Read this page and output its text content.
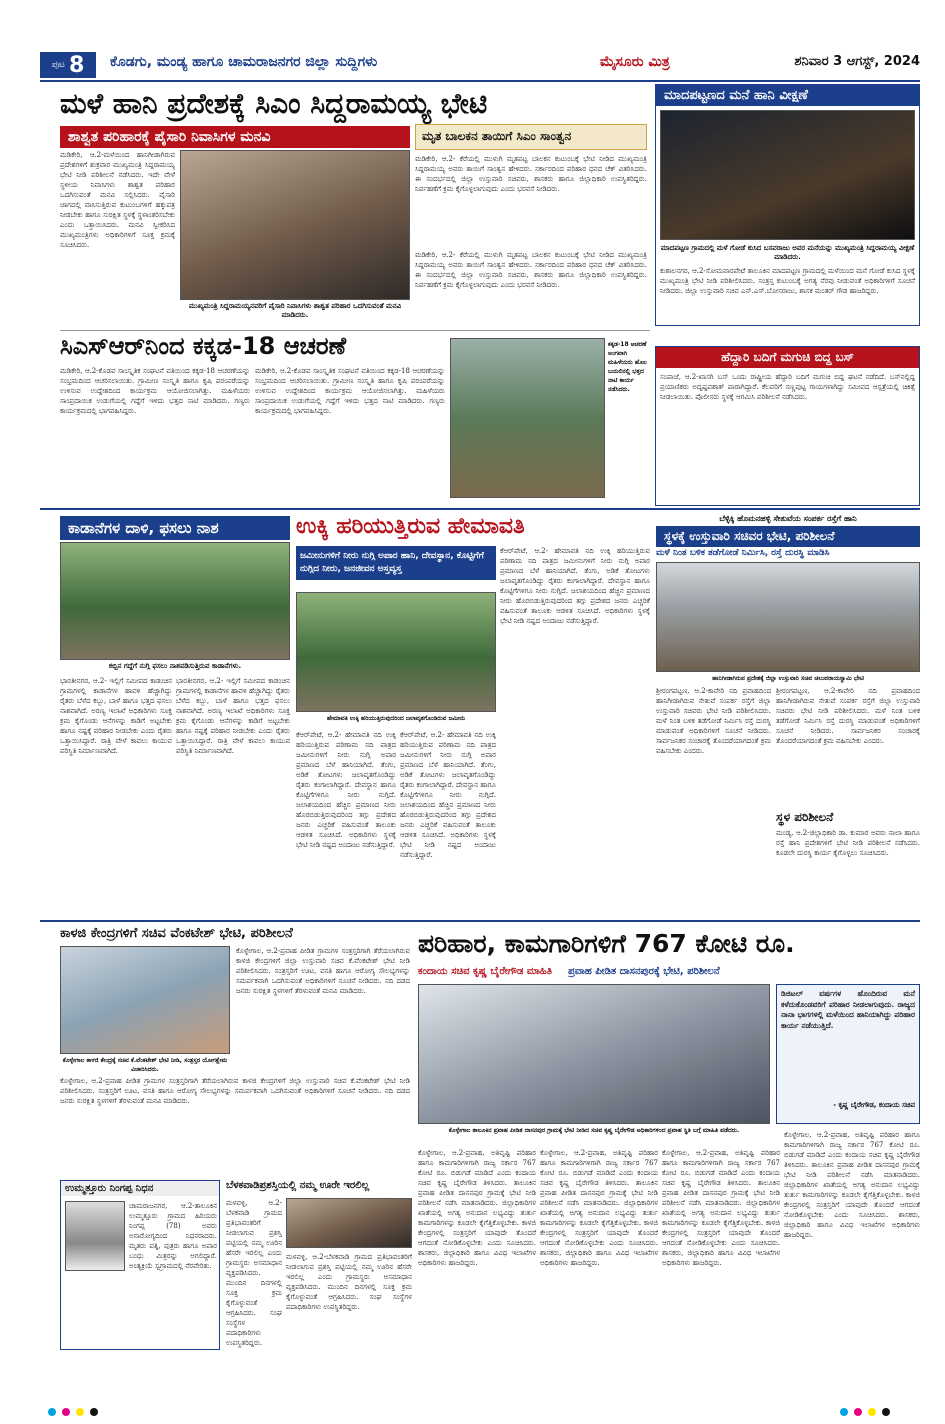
ಪುಟ 8 ಕೊಡಗು, ಮಂಡ್ಯ ಹಾಗೂ ಚಾಮರಾಜನಗರ ಜಿಲ್ಲಾ ಸುದ್ದಿಗಳು	ಮೈಸೂರು ಮಿತ್ರ	ಶನಿವಾರ 3 ಆಗಸ್ಟ್, 2024
ಮಳೆ ಹಾನಿ ಪ್ರದೇಶಕ್ಕೆ ಸಿಎಂ ಸಿದ್ದರಾಮಯ್ಯ ಭೇಟಿ
ಶಾಶ್ವತ ಪರಿಹಾರಕ್ಕೆ ಪೈಸಾರಿ ನಿವಾಸಿಗಳ ಮನವಿ
ಮಡಿಕೇರಿ, ಆ.2-ಮಳೆಯಿಂದ ಹಾನಿಗೀಡಾಗಿರುವ ಪ್ರದೇಶಗಳಿಗೆ ಶುಕ್ರವಾರ ಮುಖ್ಯಮಂತ್ರಿ ಸಿದ್ದರಾಮಯ್ಯ ಭೇಟಿ ನೀಡಿ ಪರಿಶೀಲನೆ ನಡೆಸಿದರು. ಇದೇ ವೇಳೆ ಸ್ಥಳೀಯ ನಿವಾಸಿಗಳು ಶಾಶ್ವತ ಪರಿಹಾರ ಒದಗಿಸುವಂತೆ ಮನವಿ ಸಲ್ಲಿಸಿದರು. ಪೈಸಾರಿ ಜಾಗದಲ್ಲಿ ವಾಸಿಸುತ್ತಿರುವ ಕುಟುಂಬಗಳಿಗೆ ಹಕ್ಕುಪತ್ರ ನೀಡಬೇಕು ಹಾಗೂ ಸುರಕ್ಷಿತ ಸ್ಥಳಕ್ಕೆ ಸ್ಥಳಾಂತರಿಸಬೇಕು ಎಂದು ಒತ್ತಾಯಿಸಿದರು. ಮನವಿ ಸ್ವೀಕರಿಸಿದ ಮುಖ್ಯಮಂತ್ರಿಗಳು ಅಧಿಕಾರಿಗಳಿಗೆ ಸೂಕ್ತ ಕ್ರಮಕ್ಕೆ ಸೂಚಿಸಿದರು.
ಮುಖ್ಯಮಂತ್ರಿ ಸಿದ್ದರಾಮಯ್ಯನವರಿಗೆ ಪೈಸಾರಿ ನಿವಾಸಿಗಳು ಶಾಶ್ವತ ಪರಿಹಾರ ಒದಗಿಸುವಂತೆ ಮನವಿ ಮಾಡಿದರು.
ಮೃತ ಬಾಲಕನ ತಾಯಿಗೆ ಸಿಎಂ ಸಾಂತ್ವನ
ಮಡಿಕೇರಿ, ಆ.2- ಕೆರೆಯಲ್ಲಿ ಮುಳುಗಿ ಮೃತಪಟ್ಟ ಬಾಲಕನ ಕುಟುಂಬಕ್ಕೆ ಭೇಟಿ ನೀಡಿದ ಮುಖ್ಯಮಂತ್ರಿ ಸಿದ್ದರಾಮಯ್ಯ ಅವರು ತಾಯಿಗೆ ಸಾಂತ್ವನ ಹೇಳಿದರು. ಸರ್ಕಾರದಿಂದ ಪರಿಹಾರ ಧನದ ಚೆಕ್ ವಿತರಿಸಿದರು. ಈ ಸಂದರ್ಭದಲ್ಲಿ ಜಿಲ್ಲಾ ಉಸ್ತುವಾರಿ ಸಚಿವರು, ಶಾಸಕರು ಹಾಗೂ ಜಿಲ್ಲಾಧಿಕಾರಿ ಉಪಸ್ಥಿತರಿದ್ದರು. ನಿರ್ವಹಣೆಗೆ ಕ್ರಮ ಕೈಗೊಳ್ಳಲಾಗುವುದು ಎಂದು ಭರವಸೆ ನೀಡಿದರು.
ಮಡಿಕೇರಿ, ಆ.2- ಕೆರೆಯಲ್ಲಿ ಮುಳುಗಿ ಮೃತಪಟ್ಟ ಬಾಲಕನ ಕುಟುಂಬಕ್ಕೆ ಭೇಟಿ ನೀಡಿದ ಮುಖ್ಯಮಂತ್ರಿ ಸಿದ್ದರಾಮಯ್ಯ ಅವರು ತಾಯಿಗೆ ಸಾಂತ್ವನ ಹೇಳಿದರು. ಸರ್ಕಾರದಿಂದ ಪರಿಹಾರ ಧನದ ಚೆಕ್ ವಿತರಿಸಿದರು. ಈ ಸಂದರ್ಭದಲ್ಲಿ ಜಿಲ್ಲಾ ಉಸ್ತುವಾರಿ ಸಚಿವರು, ಶಾಸಕರು ಹಾಗೂ ಜಿಲ್ಲಾಧಿಕಾರಿ ಉಪಸ್ಥಿತರಿದ್ದರು. ನಿರ್ವಹಣೆಗೆ ಕ್ರಮ ಕೈಗೊಳ್ಳಲಾಗುವುದು ಎಂದು ಭರವಸೆ ನೀಡಿದರು.
ಮಾದಪಟ್ಟಣದ ಮನೆ ಹಾನಿ ವೀಕ್ಷಣೆ
ಮಾದಪಟ್ಟಣ ಗ್ರಾಮದಲ್ಲಿ ಮಳೆ ಗೋಡೆ ಕುಸಿದ ಬಸವರಾಜು ಅವರ ಮನೆಯನ್ನು ಮುಖ್ಯಮಂತ್ರಿ ಸಿದ್ದರಾಮಯ್ಯ ವೀಕ್ಷಣೆ ಮಾಡಿದರು.
ಕುಶಾಲನಗರ, ಆ.2-ಸೋಮವಾರಪೇಟೆ ತಾಲೂಕಿನ ಮಾದಪಟ್ಟಣ ಗ್ರಾಮದಲ್ಲಿ ಮಳೆಯಿಂದ ಮನೆ ಗೋಡೆ ಕುಸಿದ ಸ್ಥಳಕ್ಕೆ ಮುಖ್ಯಮಂತ್ರಿ ಭೇಟಿ ನೀಡಿ ಪರಿಶೀಲಿಸಿದರು. ಸಂತ್ರಸ್ತ ಕುಟುಂಬಕ್ಕೆ ಅಗತ್ಯ ನೆರವು ನೀಡುವಂತೆ ಅಧಿಕಾರಿಗಳಿಗೆ ಸೂಚನೆ ನೀಡಿದರು. ಜಿಲ್ಲಾ ಉಸ್ತುವಾರಿ ಸಚಿವ ಎನ್.ಎಸ್.ಬೋಸರಾಜು, ಶಾಸಕ ಮಂತರ್ ಗೌಡ ಹಾಜರಿದ್ದರು.
ಹೆದ್ದಾರಿ ಬದಿಗೆ ಮಗುಚಿ ಬಿದ್ದ ಬಸ್
ಸಂಪಾಜೆ, ಆ.2-ಖಾಸಗಿ ಬಸ್ ಒಂದು ರಾಷ್ಟ್ರೀಯ ಹೆದ್ದಾರಿ ಬದಿಗೆ ಮಗುಚಿ ಬಿದ್ದ ಘಟನೆ ನಡೆದಿದೆ. ಬಸ್‌ನಲ್ಲಿದ್ದ ಪ್ರಯಾಣಿಕರು ಅದೃಷ್ಟವಶಾತ್ ಪಾರಾಗಿದ್ದಾರೆ. ಕೆಲವರಿಗೆ ಸಣ್ಣಪುಟ್ಟ ಗಾಯಗಳಾಗಿದ್ದು ಸಮೀಪದ ಆಸ್ಪತ್ರೆಯಲ್ಲಿ ಚಿಕಿತ್ಸೆ ನೀಡಲಾಯಿತು. ಪೊಲೀಸರು ಸ್ಥಳಕ್ಕೆ ಆಗಮಿಸಿ ಪರಿಶೀಲನೆ ನಡೆಸಿದರು.
ಸಿಎಸ್‌ಆರ್‌ನಿಂದ ಕಕ್ಕಡ-18 ಆಚರಣೆ
ಮಡಿಕೇರಿ, ಆ.2-ಕೊಡವ ಸಾಂಸ್ಕೃತಿಕ ಸಂಘಟನೆ ವತಿಯಿಂದ ಕಕ್ಕಡ-18 ಆಚರಣೆಯನ್ನು ಸಂಭ್ರಮದಿಂದ ಆಚರಿಸಲಾಯಿತು. ಗ್ರಾಮೀಣ ಸಂಸ್ಕೃತಿ ಹಾಗೂ ಕೃಷಿ ಪರಂಪರೆಯನ್ನು ಉಳಿಸುವ ಉದ್ದೇಶದಿಂದ ಕಾರ್ಯಕ್ರಮ ಆಯೋಜಿಸಲಾಗಿತ್ತು. ಮಹಿಳೆಯರು ಸಾಂಪ್ರದಾಯಿಕ ಉಡುಗೆಯಲ್ಲಿ ಗದ್ದೆಗೆ ಇಳಿದು ಭತ್ತದ ನಾಟಿ ಮಾಡಿದರು. ಗಣ್ಯರು ಕಾರ್ಯಕ್ರಮದಲ್ಲಿ ಭಾಗವಹಿಸಿದ್ದರು.
ಮಡಿಕೇರಿ, ಆ.2-ಕೊಡವ ಸಾಂಸ್ಕೃತಿಕ ಸಂಘಟನೆ ವತಿಯಿಂದ ಕಕ್ಕಡ-18 ಆಚರಣೆಯನ್ನು ಸಂಭ್ರಮದಿಂದ ಆಚರಿಸಲಾಯಿತು. ಗ್ರಾಮೀಣ ಸಂಸ್ಕೃತಿ ಹಾಗೂ ಕೃಷಿ ಪರಂಪರೆಯನ್ನು ಉಳಿಸುವ ಉದ್ದೇಶದಿಂದ ಕಾರ್ಯಕ್ರಮ ಆಯೋಜಿಸಲಾಗಿತ್ತು. ಮಹಿಳೆಯರು ಸಾಂಪ್ರದಾಯಿಕ ಉಡುಗೆಯಲ್ಲಿ ಗದ್ದೆಗೆ ಇಳಿದು ಭತ್ತದ ನಾಟಿ ಮಾಡಿದರು. ಗಣ್ಯರು ಕಾರ್ಯಕ್ರಮದಲ್ಲಿ ಭಾಗವಹಿಸಿದ್ದರು.
ಕಕ್ಕಡ-18 ಆಚರಣೆ ಅಂಗವಾಗಿ ಮಹಿಳೆಯರು ಹೊಲ ಬಯಲಿನಲ್ಲಿ ಭತ್ತದ ನಾಟಿ ಕಾರ್ಯ ನಡೆಸಿದರು.
ಕಾಡಾನೆಗಳ ದಾಳಿ, ಫಸಲು ನಾಶ
ಕಬ್ಬಿನ ಗದ್ದೆಗೆ ನುಗ್ಗಿ ಫಸಲು ನಾಶಪಡಿಸುತ್ತಿರುವ ಕಾಡಾನೆಗಳು.
ಭಾರತೀನಗರ, ಆ.2- ಇಲ್ಲಿಗೆ ಸಮೀಪದ ಕಾಡಂಚಿನ ಗ್ರಾಮಗಳಲ್ಲಿ ಕಾಡಾನೆಗಳ ಹಾವಳಿ ಹೆಚ್ಚಾಗಿದ್ದು ರೈತರು ಬೆಳೆದ ಕಬ್ಬು, ಬಾಳೆ ಹಾಗೂ ಭತ್ತದ ಫಸಲು ನಾಶವಾಗಿದೆ. ಅರಣ್ಯ ಇಲಾಖೆ ಅಧಿಕಾರಿಗಳು ಸೂಕ್ತ ಕ್ರಮ ಕೈಗೊಂಡು ಆನೆಗಳನ್ನು ಕಾಡಿಗೆ ಅಟ್ಟಬೇಕು ಹಾಗೂ ನಷ್ಟಕ್ಕೆ ಪರಿಹಾರ ನೀಡಬೇಕು ಎಂದು ರೈತರು ಒತ್ತಾಯಿಸಿದ್ದಾರೆ. ರಾತ್ರಿ ವೇಳೆ ಕಾವಲು ಕಾಯುವ ಪರಿಸ್ಥಿತಿ ನಿರ್ಮಾಣವಾಗಿದೆ.
ಭಾರತೀನಗರ, ಆ.2- ಇಲ್ಲಿಗೆ ಸಮೀಪದ ಕಾಡಂಚಿನ ಗ್ರಾಮಗಳಲ್ಲಿ ಕಾಡಾನೆಗಳ ಹಾವಳಿ ಹೆಚ್ಚಾಗಿದ್ದು ರೈತರು ಬೆಳೆದ ಕಬ್ಬು, ಬಾಳೆ ಹಾಗೂ ಭತ್ತದ ಫಸಲು ನಾಶವಾಗಿದೆ. ಅರಣ್ಯ ಇಲಾಖೆ ಅಧಿಕಾರಿಗಳು ಸೂಕ್ತ ಕ್ರಮ ಕೈಗೊಂಡು ಆನೆಗಳನ್ನು ಕಾಡಿಗೆ ಅಟ್ಟಬೇಕು ಹಾಗೂ ನಷ್ಟಕ್ಕೆ ಪರಿಹಾರ ನೀಡಬೇಕು ಎಂದು ರೈತರು ಒತ್ತಾಯಿಸಿದ್ದಾರೆ. ರಾತ್ರಿ ವೇಳೆ ಕಾವಲು ಕಾಯುವ ಪರಿಸ್ಥಿತಿ ನಿರ್ಮಾಣವಾಗಿದೆ.
ಉಕ್ಕಿ ಹರಿಯುತ್ತಿರುವ ಹೇಮಾವತಿ
ಜಮೀನುಗಳಿಗೆ ನೀರು ನುಗ್ಗಿ ಅಪಾರ ಹಾನಿ, ದೇವಸ್ಥಾನ, ಕೊಟ್ಟಿಗೆಗೆ ನುಗ್ಗಿದ ನೀರು, ಜನಜೀವನ ಅಸ್ತವ್ಯಸ್ತ
ಹೇಮಾವತಿ ಉಕ್ಕಿ ಹರಿಯುತ್ತಿರುವುದರಿಂದ ಜಲಾವೃತಗೊಂಡಿರುವ ಜಮೀನು
ಕೆಆರ್‌ಪೇಟೆ, ಆ.2- ಹೇಮಾವತಿ ನದಿ ಉಕ್ಕಿ ಹರಿಯುತ್ತಿರುವ ಪರಿಣಾಮ ನದಿ ಪಾತ್ರದ ಜಮೀನುಗಳಿಗೆ ನೀರು ನುಗ್ಗಿ ಅಪಾರ ಪ್ರಮಾಣದ ಬೆಳೆ ಹಾನಿಯಾಗಿದೆ. ತೆಂಗು, ಅಡಿಕೆ ತೋಟಗಳು ಜಲಾವೃತಗೊಂಡಿದ್ದು ರೈತರು ಕಂಗಾಲಾಗಿದ್ದಾರೆ. ದೇವಸ್ಥಾನ ಹಾಗೂ ಕೊಟ್ಟಿಗೆಗಳಿಗೂ ನೀರು ನುಗ್ಗಿದೆ. ಜಲಾಶಯದಿಂದ ಹೆಚ್ಚಿನ ಪ್ರಮಾಣದ ನೀರು ಹೊರಬಿಡುತ್ತಿರುವುದರಿಂದ ತಗ್ಗು ಪ್ರದೇಶದ ಜನರು ಎಚ್ಚರಿಕೆ ವಹಿಸುವಂತೆ ತಾಲೂಕು ಆಡಳಿತ ಸೂಚಿಸಿದೆ. ಅಧಿಕಾರಿಗಳು ಸ್ಥಳಕ್ಕೆ ಭೇಟಿ ನೀಡಿ ನಷ್ಟದ ಅಂದಾಜು ನಡೆಸುತ್ತಿದ್ದಾರೆ.
ಕೆಆರ್‌ಪೇಟೆ, ಆ.2- ಹೇಮಾವತಿ ನದಿ ಉಕ್ಕಿ ಹರಿಯುತ್ತಿರುವ ಪರಿಣಾಮ ನದಿ ಪಾತ್ರದ ಜಮೀನುಗಳಿಗೆ ನೀರು ನುಗ್ಗಿ ಅಪಾರ ಪ್ರಮಾಣದ ಬೆಳೆ ಹಾನಿಯಾಗಿದೆ. ತೆಂಗು, ಅಡಿಕೆ ತೋಟಗಳು ಜಲಾವೃತಗೊಂಡಿದ್ದು ರೈತರು ಕಂಗಾಲಾಗಿದ್ದಾರೆ. ದೇವಸ್ಥಾನ ಹಾಗೂ ಕೊಟ್ಟಿಗೆಗಳಿಗೂ ನೀರು ನುಗ್ಗಿದೆ. ಜಲಾಶಯದಿಂದ ಹೆಚ್ಚಿನ ಪ್ರಮಾಣದ ನೀರು ಹೊರಬಿಡುತ್ತಿರುವುದರಿಂದ ತಗ್ಗು ಪ್ರದೇಶದ ಜನರು ಎಚ್ಚರಿಕೆ ವಹಿಸುವಂತೆ ತಾಲೂಕು ಆಡಳಿತ ಸೂಚಿಸಿದೆ. ಅಧಿಕಾರಿಗಳು ಸ್ಥಳಕ್ಕೆ ಭೇಟಿ ನೀಡಿ ನಷ್ಟದ ಅಂದಾಜು ನಡೆಸುತ್ತಿದ್ದಾರೆ.
ಕೆಆರ್‌ಪೇಟೆ, ಆ.2- ಹೇಮಾವತಿ ನದಿ ಉಕ್ಕಿ ಹರಿಯುತ್ತಿರುವ ಪರಿಣಾಮ ನದಿ ಪಾತ್ರದ ಜಮೀನುಗಳಿಗೆ ನೀರು ನುಗ್ಗಿ ಅಪಾರ ಪ್ರಮಾಣದ ಬೆಳೆ ಹಾನಿಯಾಗಿದೆ. ತೆಂಗು, ಅಡಿಕೆ ತೋಟಗಳು ಜಲಾವೃತಗೊಂಡಿದ್ದು ರೈತರು ಕಂಗಾಲಾಗಿದ್ದಾರೆ. ದೇವಸ್ಥಾನ ಹಾಗೂ ಕೊಟ್ಟಿಗೆಗಳಿಗೂ ನೀರು ನುಗ್ಗಿದೆ. ಜಲಾಶಯದಿಂದ ಹೆಚ್ಚಿನ ಪ್ರಮಾಣದ ನೀರು ಹೊರಬಿಡುತ್ತಿರುವುದರಿಂದ ತಗ್ಗು ಪ್ರದೇಶದ ಜನರು ಎಚ್ಚರಿಕೆ ವಹಿಸುವಂತೆ ತಾಲೂಕು ಆಡಳಿತ ಸೂಚಿಸಿದೆ. ಅಧಿಕಾರಿಗಳು ಸ್ಥಳಕ್ಕೆ ಭೇಟಿ ನೀಡಿ ನಷ್ಟದ ಅಂದಾಜು ನಡೆಸುತ್ತಿದ್ದಾರೆ.
ಬೆಳ್ಳಿಕ್ಕಿ ಹೊಮನಹಳ್ಳಿ ಸೇತುವೆಯ ಸಂಪರ್ಕ ರಸ್ತೆಗೆ ಹಾನಿ
ಸ್ಥಳಕ್ಕೆ ಉಸ್ತುವಾರಿ ಸಚಿವರ ಭೇಟಿ, ಪರಿಶೀಲನೆ
ಮಳೆ ನಿಂತ ಬಳಿಕ ತಡೆಗೋಡೆ ನಿರ್ಮಿಸಿ, ರಸ್ತೆ ದುರಸ್ಥಿ ಮಾಡಿಸಿ
ಹಾನಿಗೀಡಾಗಿರುವ ಪ್ರದೇಶಕ್ಕೆ ಜಿಲ್ಲಾ ಉಸ್ತುವಾರಿ ಸಚಿವ ಚಲುವರಾಯಸ್ವಾಮಿ ಭೇಟಿ
ಶ್ರೀರಂಗಪಟ್ಟಣ, ಆ.2-ಕಾವೇರಿ ನದಿ ಪ್ರವಾಹದಿಂದ ಹಾನಿಗೀಡಾಗಿರುವ ಸೇತುವೆ ಸಂಪರ್ಕ ರಸ್ತೆಗೆ ಜಿಲ್ಲಾ ಉಸ್ತುವಾರಿ ಸಚಿವರು ಭೇಟಿ ನೀಡಿ ಪರಿಶೀಲಿಸಿದರು. ಮಳೆ ನಿಂತ ಬಳಿಕ ತಡೆಗೋಡೆ ನಿರ್ಮಿಸಿ ರಸ್ತೆ ದುರಸ್ಥಿ ಮಾಡುವಂತೆ ಅಧಿಕಾರಿಗಳಿಗೆ ಸೂಚನೆ ನೀಡಿದರು. ಸಾರ್ವಜನಿಕರ ಸಂಚಾರಕ್ಕೆ ತೊಂದರೆಯಾಗದಂತೆ ಕ್ರಮ ವಹಿಸಬೇಕು ಎಂದರು.
ಶ್ರೀರಂಗಪಟ್ಟಣ, ಆ.2-ಕಾವೇರಿ ನದಿ ಪ್ರವಾಹದಿಂದ ಹಾನಿಗೀಡಾಗಿರುವ ಸೇತುವೆ ಸಂಪರ್ಕ ರಸ್ತೆಗೆ ಜಿಲ್ಲಾ ಉಸ್ತುವಾರಿ ಸಚಿವರು ಭೇಟಿ ನೀಡಿ ಪರಿಶೀಲಿಸಿದರು. ಮಳೆ ನಿಂತ ಬಳಿಕ ತಡೆಗೋಡೆ ನಿರ್ಮಿಸಿ ರಸ್ತೆ ದುರಸ್ಥಿ ಮಾಡುವಂತೆ ಅಧಿಕಾರಿಗಳಿಗೆ ಸೂಚನೆ ನೀಡಿದರು. ಸಾರ್ವಜನಿಕರ ಸಂಚಾರಕ್ಕೆ ತೊಂದರೆಯಾಗದಂತೆ ಕ್ರಮ ವಹಿಸಬೇಕು ಎಂದರು.
ಸ್ಥಳ ಪರಿಶೀಲನೆ
ಮಂಡ್ಯ, ಆ.2-ಜಿಲ್ಲಾಧಿಕಾರಿ ಡಾ. ಕುಮಾರ ಅವರು ನಾಲಾ ಹಾಗೂ ರಸ್ತೆ ಹಾನಿ ಪ್ರದೇಶಗಳಿಗೆ ಭೇಟಿ ನೀಡಿ ಪರಿಶೀಲನೆ ನಡೆಸಿದರು. ಕೂಡಲೇ ದುರಸ್ಥಿ ಕಾರ್ಯ ಕೈಗೊಳ್ಳಲು ಸೂಚಿಸಿದರು.
ಕಾಳಜಿ ಕೇಂದ್ರಗಳಿಗೆ ಸಚಿವ ವೆಂಕಟೇಶ್ ಭೇಟಿ, ಪರಿಶೀಲನೆ
ಕೊಳ್ಳೇಗಾಲ ಕಾಳಜಿ ಕೇಂದ್ರಕ್ಕೆ ಸಚಿವ ಕೆ.ವೆಂಕಟೇಶ್ ಭೇಟಿ ನೀಡಿ, ಸಂತ್ರಸ್ತರ ಯೋಗಕ್ಷೇಮ ವಿಚಾರಿಸಿದರು.
ಕೊಳ್ಳೇಗಾಲ, ಆ.2-ಪ್ರವಾಹ ಪೀಡಿತ ಗ್ರಾಮಗಳ ಸಂತ್ರಸ್ತರಿಗಾಗಿ ತೆರೆಯಲಾಗಿರುವ ಕಾಳಜಿ ಕೇಂದ್ರಗಳಿಗೆ ಜಿಲ್ಲಾ ಉಸ್ತುವಾರಿ ಸಚಿವ ಕೆ.ವೆಂಕಟೇಶ್ ಭೇಟಿ ನೀಡಿ ಪರಿಶೀಲಿಸಿದರು. ಸಂತ್ರಸ್ತರಿಗೆ ಊಟ, ವಸತಿ ಹಾಗೂ ಆರೋಗ್ಯ ಸೌಲಭ್ಯಗಳನ್ನು ಸಮರ್ಪಕವಾಗಿ ಒದಗಿಸುವಂತೆ ಅಧಿಕಾರಿಗಳಿಗೆ ಸೂಚನೆ ನೀಡಿದರು. ನದಿ ದಡದ ಜನರು ಸುರಕ್ಷಿತ ಸ್ಥಳಗಳಿಗೆ ತೆರಳುವಂತೆ ಮನವಿ ಮಾಡಿದರು.
ಕೊಳ್ಳೇಗಾಲ, ಆ.2-ಪ್ರವಾಹ ಪೀಡಿತ ಗ್ರಾಮಗಳ ಸಂತ್ರಸ್ತರಿಗಾಗಿ ತೆರೆಯಲಾಗಿರುವ ಕಾಳಜಿ ಕೇಂದ್ರಗಳಿಗೆ ಜಿಲ್ಲಾ ಉಸ್ತುವಾರಿ ಸಚಿವ ಕೆ.ವೆಂಕಟೇಶ್ ಭೇಟಿ ನೀಡಿ ಪರಿಶೀಲಿಸಿದರು. ಸಂತ್ರಸ್ತರಿಗೆ ಊಟ, ವಸತಿ ಹಾಗೂ ಆರೋಗ್ಯ ಸೌಲಭ್ಯಗಳನ್ನು ಸಮರ್ಪಕವಾಗಿ ಒದಗಿಸುವಂತೆ ಅಧಿಕಾರಿಗಳಿಗೆ ಸೂಚನೆ ನೀಡಿದರು. ನದಿ ದಡದ ಜನರು ಸುರಕ್ಷಿತ ಸ್ಥಳಗಳಿಗೆ ತೆರಳುವಂತೆ ಮನವಿ ಮಾಡಿದರು.
ಪರಿಹಾರ, ಕಾಮಗಾರಿಗಳಿಗೆ 767 ಕೋಟಿ ರೂ.
ಕಂದಾಯ ಸಚಿವ ಕೃಷ್ಣ ಬೈರೇಗೌಡ ಮಾಹಿತಿ ಪ್ರವಾಹ ಪೀಡಿತ ದಾಸನಪುರಕ್ಕೆ ಭೇಟಿ, ಪರಿಶೀಲನೆ
ಕೊಳ್ಳೇಗಾಲ ತಾಲೂಕಿನ ಪ್ರವಾಹ ಪೀಡಿತ ದಾಸನಪುರ ಗ್ರಾಮಕ್ಕೆ ಭೇಟಿ ನೀಡಿದ ಸಚಿವ ಕೃಷ್ಣ ಬೈರೇಗೌಡ ಅಧಿಕಾರಿಗಳಿಂದ ಪ್ರವಾಹ ಸ್ಥಿತಿ ಬಗ್ಗೆ ಮಾಹಿತಿ ಪಡೆದರು.
ಡಿಜಿಟಲ್ ವರ್ಷಗಳ ಹೊಂದಿರುವ ಮನೆ ಕಳೆದುಕೊಂಡವರಿಗೆ ಪರಿಹಾರ ನೀಡಲಾಗುವುದು. ರಾಜ್ಯದ ನಾನಾ ಭಾಗಗಳಲ್ಲಿ ಮಳೆಯಿಂದ ಹಾನಿಯಾಗಿದ್ದು ಪರಿಹಾರ ಕಾರ್ಯ ನಡೆಯುತ್ತಿದೆ.
- ಕೃಷ್ಣ ಬೈರೇಗೌಡ, ಕಂದಾಯ ಸಚಿವ
ಕೊಳ್ಳೇಗಾಲ, ಆ.2-ಪ್ರವಾಹ, ಅತಿವೃಷ್ಟಿ ಪರಿಹಾರ ಹಾಗೂ ಕಾಮಗಾರಿಗಳಿಗಾಗಿ ರಾಜ್ಯ ಸರ್ಕಾರ 767 ಕೋಟಿ ರೂ. ಬಿಡುಗಡೆ ಮಾಡಿದೆ ಎಂದು ಕಂದಾಯ ಸಚಿವ ಕೃಷ್ಣ ಬೈರೇಗೌಡ ತಿಳಿಸಿದರು. ತಾಲೂಕಿನ ಪ್ರವಾಹ ಪೀಡಿತ ದಾಸನಪುರ ಗ್ರಾಮಕ್ಕೆ ಭೇಟಿ ನೀಡಿ ಪರಿಶೀಲನೆ ನಡೆಸಿ ಮಾತನಾಡಿದರು. ಜಿಲ್ಲಾಧಿಕಾರಿಗಳ ಖಾತೆಯಲ್ಲಿ ಅಗತ್ಯ ಅನುದಾನ ಲಭ್ಯವಿದ್ದು ತುರ್ತು ಕಾಮಗಾರಿಗಳನ್ನು ಕೂಡಲೇ ಕೈಗೆತ್ತಿಕೊಳ್ಳಬೇಕು. ಕಾಳಜಿ ಕೇಂದ್ರಗಳಲ್ಲಿ ಸಂತ್ರಸ್ತರಿಗೆ ಯಾವುದೇ ತೊಂದರೆ ಆಗದಂತೆ ನೋಡಿಕೊಳ್ಳಬೇಕು ಎಂದು ಸೂಚಿಸಿದರು. ಶಾಸಕರು, ಜಿಲ್ಲಾಧಿಕಾರಿ ಹಾಗೂ ವಿವಿಧ ಇಲಾಖೆಗಳ ಅಧಿಕಾರಿಗಳು ಹಾಜರಿದ್ದರು.
ಕೊಳ್ಳೇಗಾಲ, ಆ.2-ಪ್ರವಾಹ, ಅತಿವೃಷ್ಟಿ ಪರಿಹಾರ ಹಾಗೂ ಕಾಮಗಾರಿಗಳಿಗಾಗಿ ರಾಜ್ಯ ಸರ್ಕಾರ 767 ಕೋಟಿ ರೂ. ಬಿಡುಗಡೆ ಮಾಡಿದೆ ಎಂದು ಕಂದಾಯ ಸಚಿವ ಕೃಷ್ಣ ಬೈರೇಗೌಡ ತಿಳಿಸಿದರು. ತಾಲೂಕಿನ ಪ್ರವಾಹ ಪೀಡಿತ ದಾಸನಪುರ ಗ್ರಾಮಕ್ಕೆ ಭೇಟಿ ನೀಡಿ ಪರಿಶೀಲನೆ ನಡೆಸಿ ಮಾತನಾಡಿದರು. ಜಿಲ್ಲಾಧಿಕಾರಿಗಳ ಖಾತೆಯಲ್ಲಿ ಅಗತ್ಯ ಅನುದಾನ ಲಭ್ಯವಿದ್ದು ತುರ್ತು ಕಾಮಗಾರಿಗಳನ್ನು ಕೂಡಲೇ ಕೈಗೆತ್ತಿಕೊಳ್ಳಬೇಕು. ಕಾಳಜಿ ಕೇಂದ್ರಗಳಲ್ಲಿ ಸಂತ್ರಸ್ತರಿಗೆ ಯಾವುದೇ ತೊಂದರೆ ಆಗದಂತೆ ನೋಡಿಕೊಳ್ಳಬೇಕು ಎಂದು ಸೂಚಿಸಿದರು. ಶಾಸಕರು, ಜಿಲ್ಲಾಧಿಕಾರಿ ಹಾಗೂ ವಿವಿಧ ಇಲಾಖೆಗಳ ಅಧಿಕಾರಿಗಳು ಹಾಜರಿದ್ದರು.
ಕೊಳ್ಳೇಗಾಲ, ಆ.2-ಪ್ರವಾಹ, ಅತಿವೃಷ್ಟಿ ಪರಿಹಾರ ಹಾಗೂ ಕಾಮಗಾರಿಗಳಿಗಾಗಿ ರಾಜ್ಯ ಸರ್ಕಾರ 767 ಕೋಟಿ ರೂ. ಬಿಡುಗಡೆ ಮಾಡಿದೆ ಎಂದು ಕಂದಾಯ ಸಚಿವ ಕೃಷ್ಣ ಬೈರೇಗೌಡ ತಿಳಿಸಿದರು. ತಾಲೂಕಿನ ಪ್ರವಾಹ ಪೀಡಿತ ದಾಸನಪುರ ಗ್ರಾಮಕ್ಕೆ ಭೇಟಿ ನೀಡಿ ಪರಿಶೀಲನೆ ನಡೆಸಿ ಮಾತನಾಡಿದರು. ಜಿಲ್ಲಾಧಿಕಾರಿಗಳ ಖಾತೆಯಲ್ಲಿ ಅಗತ್ಯ ಅನುದಾನ ಲಭ್ಯವಿದ್ದು ತುರ್ತು ಕಾಮಗಾರಿಗಳನ್ನು ಕೂಡಲೇ ಕೈಗೆತ್ತಿಕೊಳ್ಳಬೇಕು. ಕಾಳಜಿ ಕೇಂದ್ರಗಳಲ್ಲಿ ಸಂತ್ರಸ್ತರಿಗೆ ಯಾವುದೇ ತೊಂದರೆ ಆಗದಂತೆ ನೋಡಿಕೊಳ್ಳಬೇಕು ಎಂದು ಸೂಚಿಸಿದರು. ಶಾಸಕರು, ಜಿಲ್ಲಾಧಿಕಾರಿ ಹಾಗೂ ವಿವಿಧ ಇಲಾಖೆಗಳ ಅಧಿಕಾರಿಗಳು ಹಾಜರಿದ್ದರು.
ಕೊಳ್ಳೇಗಾಲ, ಆ.2-ಪ್ರವಾಹ, ಅತಿವೃಷ್ಟಿ ಪರಿಹಾರ ಹಾಗೂ ಕಾಮಗಾರಿಗಳಿಗಾಗಿ ರಾಜ್ಯ ಸರ್ಕಾರ 767 ಕೋಟಿ ರೂ. ಬಿಡುಗಡೆ ಮಾಡಿದೆ ಎಂದು ಕಂದಾಯ ಸಚಿವ ಕೃಷ್ಣ ಬೈರೇಗೌಡ ತಿಳಿಸಿದರು. ತಾಲೂಕಿನ ಪ್ರವಾಹ ಪೀಡಿತ ದಾಸನಪುರ ಗ್ರಾಮಕ್ಕೆ ಭೇಟಿ ನೀಡಿ ಪರಿಶೀಲನೆ ನಡೆಸಿ ಮಾತನಾಡಿದರು. ಜಿಲ್ಲಾಧಿಕಾರಿಗಳ ಖಾತೆಯಲ್ಲಿ ಅಗತ್ಯ ಅನುದಾನ ಲಭ್ಯವಿದ್ದು ತುರ್ತು ಕಾಮಗಾರಿಗಳನ್ನು ಕೂಡಲೇ ಕೈಗೆತ್ತಿಕೊಳ್ಳಬೇಕು. ಕಾಳಜಿ ಕೇಂದ್ರಗಳಲ್ಲಿ ಸಂತ್ರಸ್ತರಿಗೆ ಯಾವುದೇ ತೊಂದರೆ ಆಗದಂತೆ ನೋಡಿಕೊಳ್ಳಬೇಕು ಎಂದು ಸೂಚಿಸಿದರು. ಶಾಸಕರು, ಜಿಲ್ಲಾಧಿಕಾರಿ ಹಾಗೂ ವಿವಿಧ ಇಲಾಖೆಗಳ ಅಧಿಕಾರಿಗಳು ಹಾಜರಿದ್ದರು.
ಉಮ್ಮತ್ತೂರು ನಿಂಗಪ್ಪ ನಿಧನ
ಚಾಮರಾಜನಗರ, ಆ.2-ತಾಲೂಕಿನ ಉಮ್ಮತ್ತೂರು ಗ್ರಾಮದ ಹಿರಿಯರು ನಿಂಗಪ್ಪ (78) ಅವರು ಅನಾರೋಗ್ಯದಿಂದ ನಿಧನರಾದರು. ಮೃತರು ಪತ್ನಿ, ಪುತ್ರರು ಹಾಗೂ ಅಪಾರ ಬಂಧು ಮಿತ್ರರನ್ನು ಅಗಲಿದ್ದಾರೆ. ಅಂತ್ಯಕ್ರಿಯೆ ಸ್ವಗ್ರಾಮದಲ್ಲಿ ನೆರವೇರಿತು.
ಬೆಳಕವಾಡಿಪ್ರಶಸ್ತಿಯಲ್ಲಿ ನಮ್ಮ ಊರೇ ಇರಲಿಲ್ಲ
ಮಳವಳ್ಳಿ, ಆ.2-ಬೆಳಕವಾಡಿ ಗ್ರಾಮದ ಪ್ರತಿಭಾವಂತರಿಗೆ ನೀಡಲಾಗುವ ಪ್ರಶಸ್ತಿ ಪಟ್ಟಿಯಲ್ಲಿ ನಮ್ಮ ಊರಿನ ಹೆಸರೇ ಇರಲಿಲ್ಲ ಎಂದು ಗ್ರಾಮಸ್ಥರು ಅಸಮಾಧಾನ ವ್ಯಕ್ತಪಡಿಸಿದರು. ಮುಂದಿನ ದಿನಗಳಲ್ಲಿ ಸೂಕ್ತ ಕ್ರಮ ಕೈಗೊಳ್ಳುವಂತೆ ಆಗ್ರಹಿಸಿದರು. ಸಂಘ ಸಂಸ್ಥೆಗಳ ಪದಾಧಿಕಾರಿಗಳು ಉಪಸ್ಥಿತರಿದ್ದರು.
ಮಳವಳ್ಳಿ, ಆ.2-ಬೆಳಕವಾಡಿ ಗ್ರಾಮದ ಪ್ರತಿಭಾವಂತರಿಗೆ ನೀಡಲಾಗುವ ಪ್ರಶಸ್ತಿ ಪಟ್ಟಿಯಲ್ಲಿ ನಮ್ಮ ಊರಿನ ಹೆಸರೇ ಇರಲಿಲ್ಲ ಎಂದು ಗ್ರಾಮಸ್ಥರು ಅಸಮಾಧಾನ ವ್ಯಕ್ತಪಡಿಸಿದರು. ಮುಂದಿನ ದಿನಗಳಲ್ಲಿ ಸೂಕ್ತ ಕ್ರಮ ಕೈಗೊಳ್ಳುವಂತೆ ಆಗ್ರಹಿಸಿದರು. ಸಂಘ ಸಂಸ್ಥೆಗಳ ಪದಾಧಿಕಾರಿಗಳು ಉಪಸ್ಥಿತರಿದ್ದರು.
